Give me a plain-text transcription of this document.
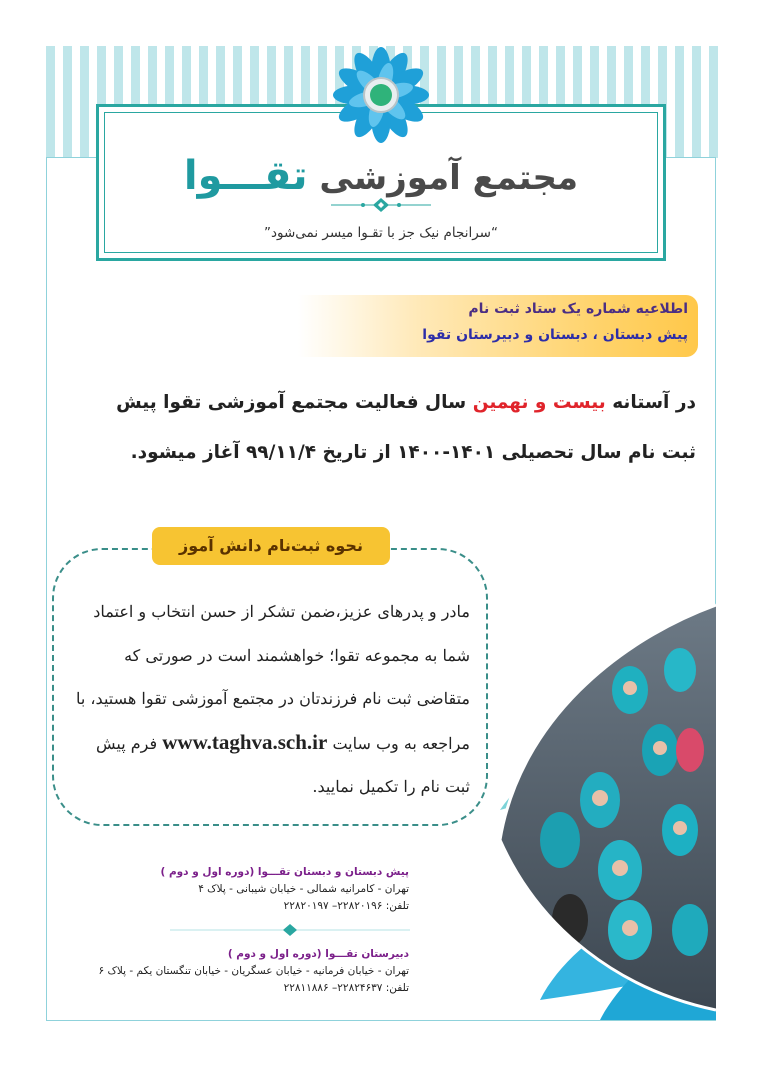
مجتمع آموزشی تقـــوا
“سرانجام نیک جز با تقـوا میسر نمی‌شود”
اطلاعیه شماره یک ستاد ثبت نام
پیش دبستان ، دبستان و دبیرستان تقوا
در آستانه بیست و نهمین سال فعالیت مجتمع آموزشی تقوا پیش ثبت نام سال تحصیلی ۱۴۰۱-۱۴۰۰ از تاریخ ۹۹/۱۱/۴ آغاز میشود.
نحوه ثبت‌نام دانش آموز
مادر و پدرهای عزیز،ضمن تشکر از حسن انتخاب و اعتماد شما به مجموعه تقوا؛ خواهشمند است در صورتی که متقاضی ثبت نام فرزندتان در مجتمع آموزشی تقوا هستید، با مراجعه به وب سایت www.taghva.sch.ir فرم پیش ثبت نام را تکمیل نمایید.
پیش دبستان و دبستان تقـــوا (دوره اول و دوم )
تهران - کامرانیه شمالی - خیابان شیبانی - پلاک ۴
تلفن: ۲۲۸۲۰۱۹۶– ۲۲۸۲۰۱۹۷
دبیرستان تقـــوا (دوره اول و دوم )
تهران - خیابان فرمانیه - خیابان عسگریان - خیابان تنگستان یکم - پلاک ۶
تلفن: ۲۲۸۲۴۶۳۷– ۲۲۸۱۱۸۸۶
